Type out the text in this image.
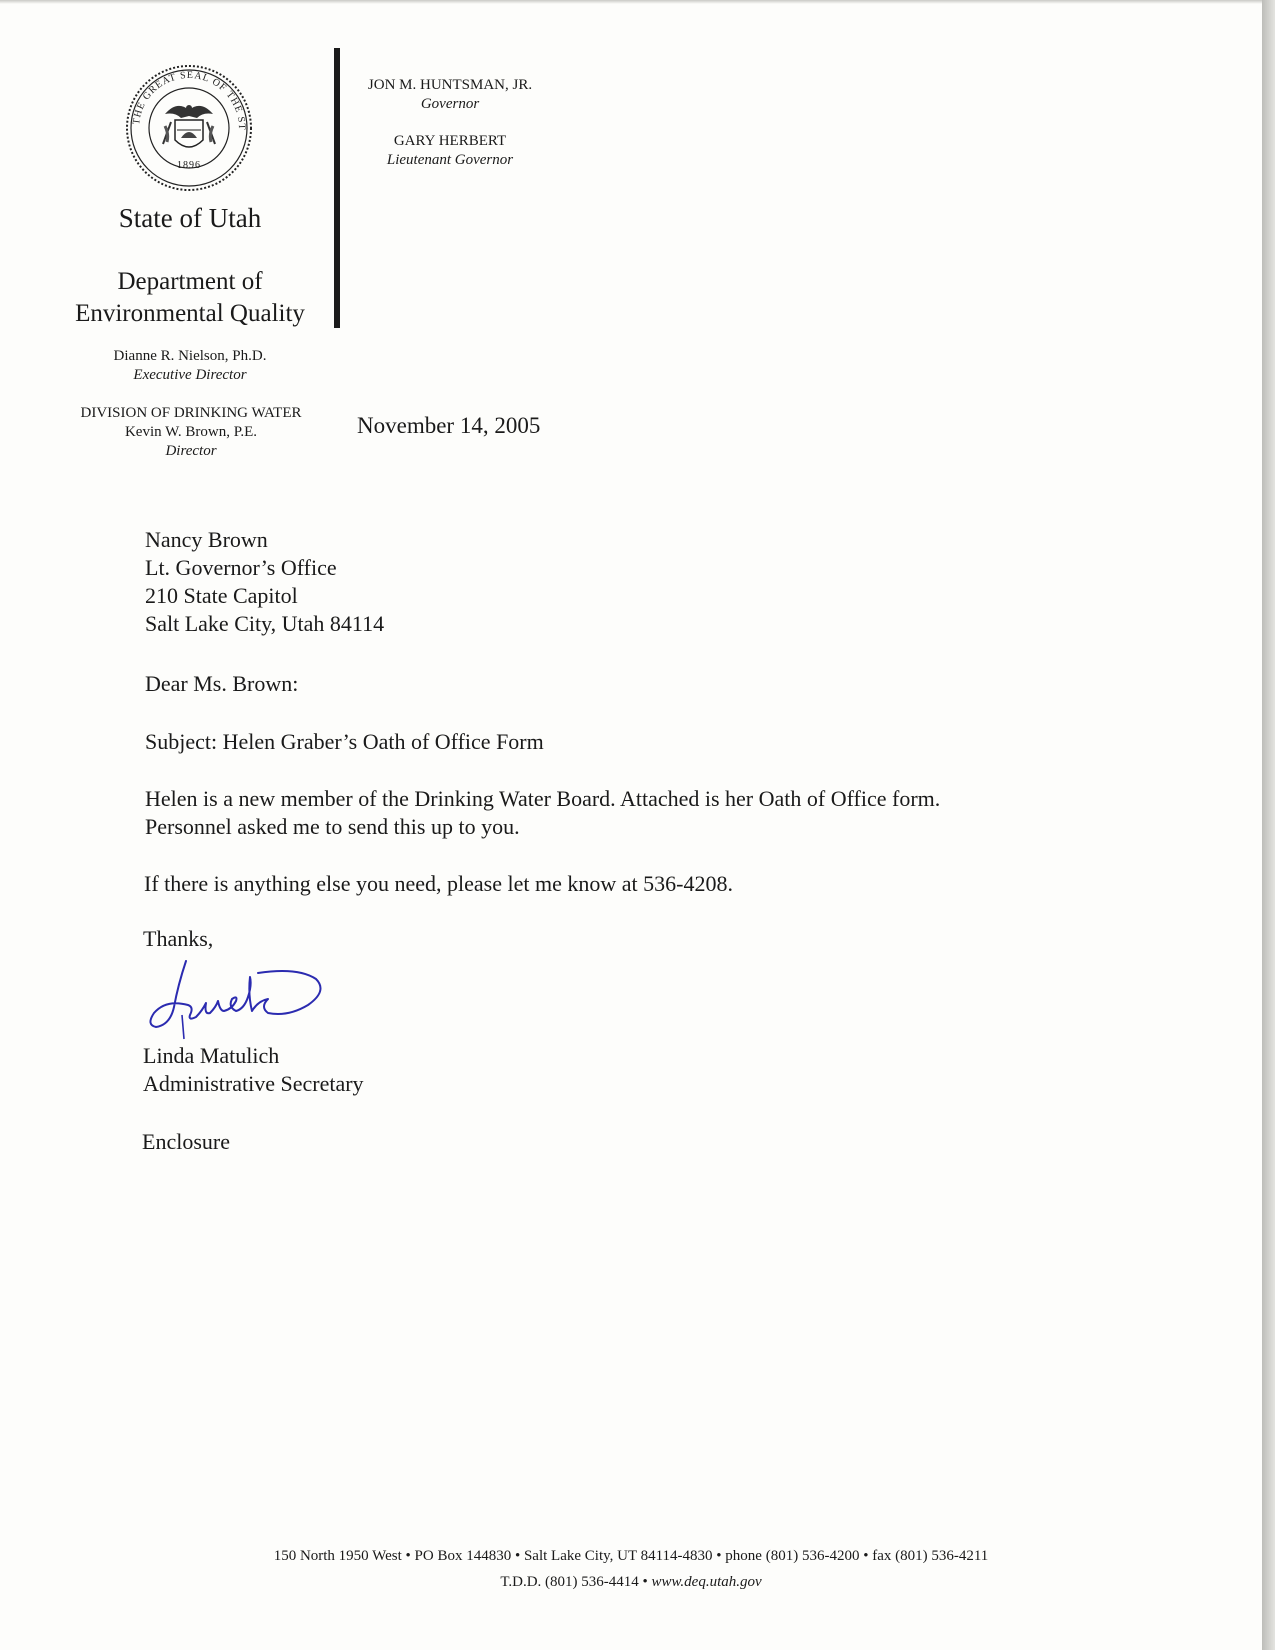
THE GREAT SEAL OF THE ST
1896
State of Utah
Department of
Environmental Quality
Dianne R. Nielson, Ph.D.
Executive Director
DIVISION OF DRINKING WATER
Kevin W. Brown, P.E.
Director
JON M. HUNTSMAN, JR.
Governor
GARY HERBERT
Lieutenant Governor
November 14, 2005
Nancy Brown
Lt. Governor’s Office
210 State Capitol
Salt Lake City, Utah 84114
Dear Ms. Brown:
Subject: Helen Graber’s Oath of Office Form
Helen is a new member of the Drinking Water Board. Attached is her Oath of Office form.
Personnel asked me to send this up to you.
If there is anything else you need, please let me know at 536-4208.
Thanks,
Linda Matulich
Administrative Secretary
Enclosure
150 North 1950 West • PO Box 144830 • Salt Lake City, UT 84114-4830 • phone (801) 536-4200 • fax (801) 536-4211
T.D.D. (801) 536-4414 • www.deq.utah.gov
